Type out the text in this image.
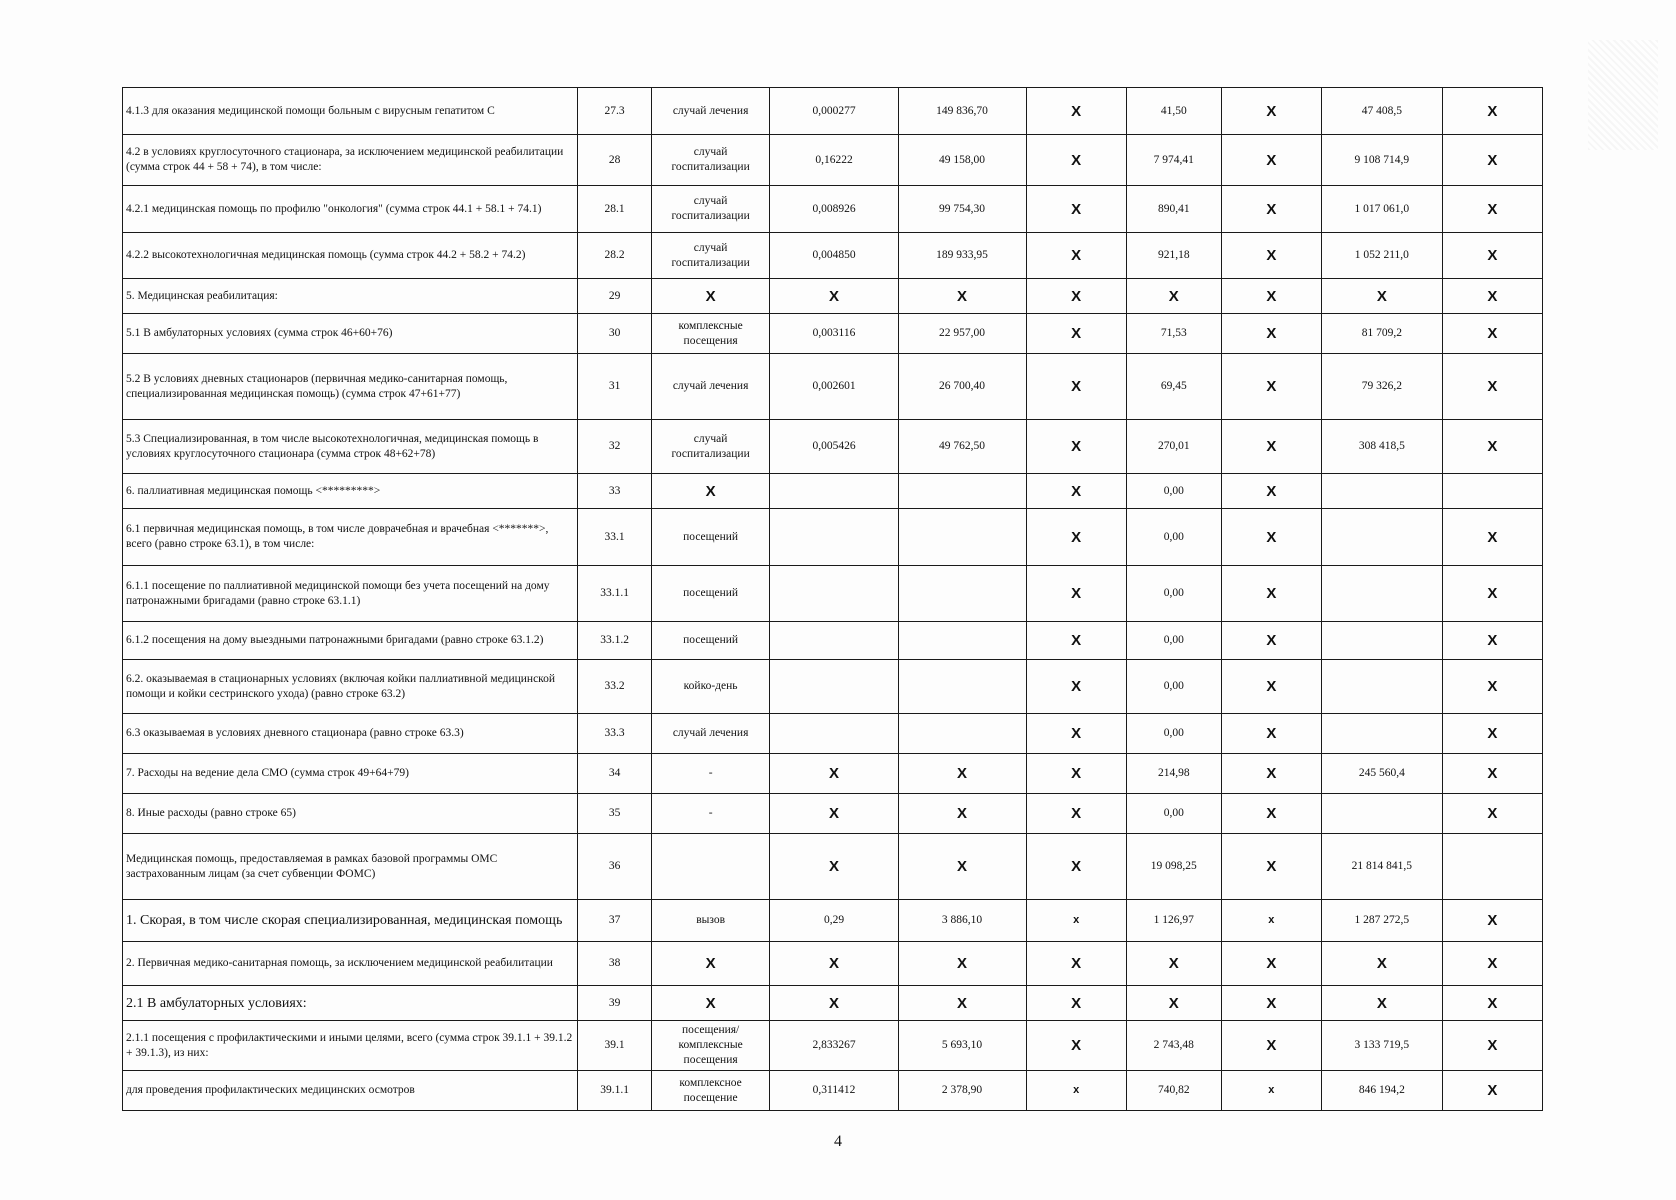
4.1.3 для оказания медицинской помощи больным с вирусным гепатитом С	27.3	случай лечения	0,000277	149 836,70	X	41,50	X	47 408,5	X
4.2 в условиях круглосуточного стационара, за исключением медицинской реабилитации (сумма строк 44 + 58 + 74), в том числе:	28	случай госпитализации	0,16222	49 158,00	X	7 974,41	X	9 108 714,9	X
4.2.1 медицинская помощь по профилю "онкология" (сумма строк 44.1 + 58.1 + 74.1)	28.1	случай госпитализации	0,008926	99 754,30	X	890,41	X	1 017 061,0	X
4.2.2 высокотехнологичная медицинская помощь (сумма строк 44.2 + 58.2 + 74.2)	28.2	случай госпитализации	0,004850	189 933,95	X	921,18	X	1 052 211,0	X
5. Медицинская реабилитация:	29	X	X	X	X	X	X	X	X
5.1 В амбулаторных условиях (сумма строк 46+60+76)	30	комплексные посещения	0,003116	22 957,00	X	71,53	X	81 709,2	X
5.2 В условиях дневных стационаров (первичная медико-санитарная помощь, специализированная медицинская помощь) (сумма строк 47+61+77)	31	случай лечения	0,002601	26 700,40	X	69,45	X	79 326,2	X
5.3 Специализированная, в том числе высокотехнологичная, медицинская помощь в условиях круглосуточного стационара (сумма строк 48+62+78)	32	случай госпитализации	0,005426	49 762,50	X	270,01	X	308 418,5	X
6. паллиативная медицинская помощь <*********>	33	X			X	0,00	X		
6.1 первичная медицинская помощь, в том числе доврачебная и врачебная <*******>, всего (равно строке 63.1), в том числе:	33.1	посещений			X	0,00	X		X
6.1.1 посещение по паллиативной медицинской помощи без учета посещений на дому патронажными бригадами (равно строке 63.1.1)	33.1.1	посещений			X	0,00	X		X
6.1.2 посещения на дому выездными патронажными бригадами (равно строке 63.1.2)	33.1.2	посещений			X	0,00	X		X
6.2. оказываемая в стационарных условиях (включая койки паллиативной медицинской помощи и койки сестринского ухода) (равно строке 63.2)	33.2	койко-день			X	0,00	X		X
6.3 оказываемая в условиях дневного стационара (равно строке 63.3)	33.3	случай лечения			X	0,00	X		X
7. Расходы на ведение дела СМО (сумма строк 49+64+79)	34	-	X	X	X	214,98	X	245 560,4	X
8. Иные расходы (равно строке 65)	35	-	X	X	X	0,00	X		X
Медицинская помощь, предоставляемая в рамках базовой программы ОМС застрахованным лицам (за счет субвенции ФОМС)	36		X	X	X	19 098,25	X	21 814 841,5	
1. Скорая, в том числе скорая специализированная, медицинская помощь	37	вызов	0,29	3 886,10	x	1 126,97	x	1 287 272,5	X
2. Первичная медико-санитарная помощь, за исключением медицинской реабилитации	38	X	X	X	X	X	X	X	X
2.1 В амбулаторных условиях:	39	X	X	X	X	X	X	X	X
2.1.1 посещения с профилактическими и иными целями, всего (сумма строк 39.1.1 + 39.1.2 + 39.1.3), из них:	39.1	посещения/комплексные посещения	2,833267	5 693,10	X	2 743,48	X	3 133 719,5	X
для проведения профилактических медицинских осмотров	39.1.1	комплексное посещение	0,311412	2 378,90	x	740,82	x	846 194,2	X
4
